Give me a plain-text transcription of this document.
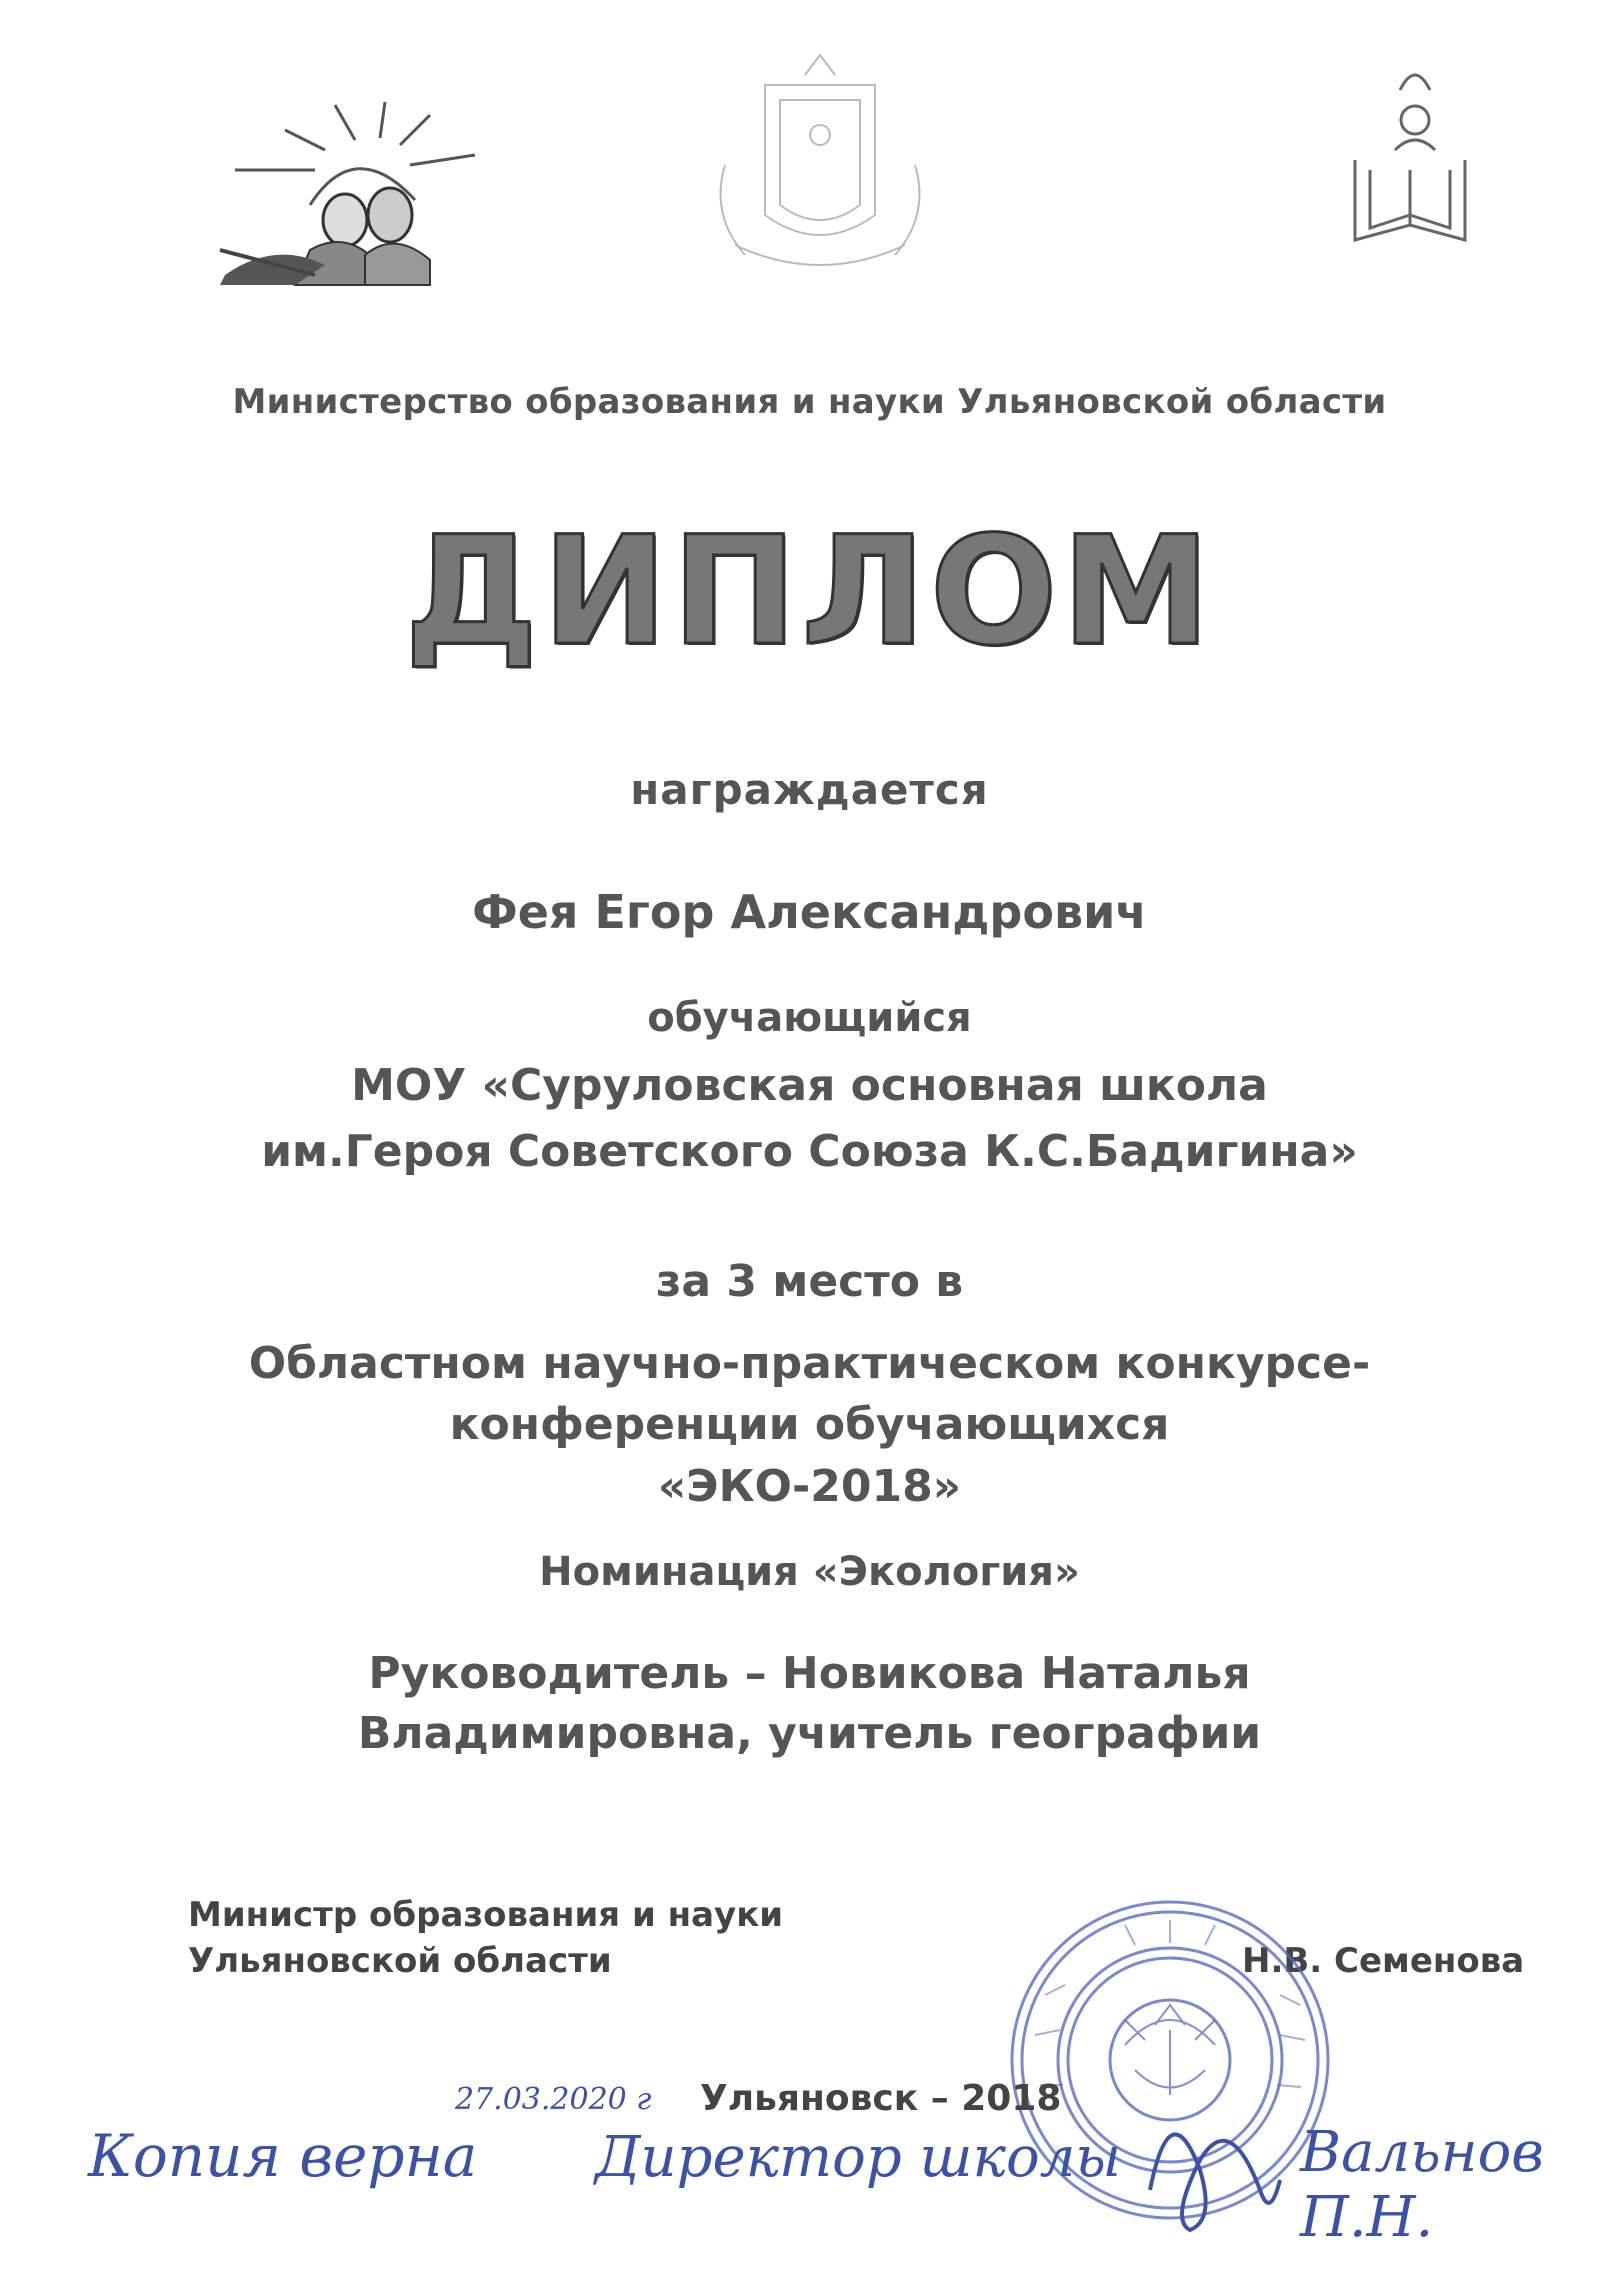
Министерство образования и науки Ульяновской области
ДИПЛОМ
награждается
Фея Егор Александрович
обучающийся
МОУ «Суруловская основная школа
им.Героя Советского Союза К.С.Бадигина»
за 3 место в
Областном научно-практическом конкурсе-
конференции обучающихся
«ЭКО-2018»
Номинация «Экология»
Руководитель – Новикова Наталья
Владимировна, учитель географии
Министр образования и науки
Ульяновской области	Н.В. Семенова
Ульяновск – 2018
27.03.2020 г
Копия верна Директор школы	Вальнов П.Н.
